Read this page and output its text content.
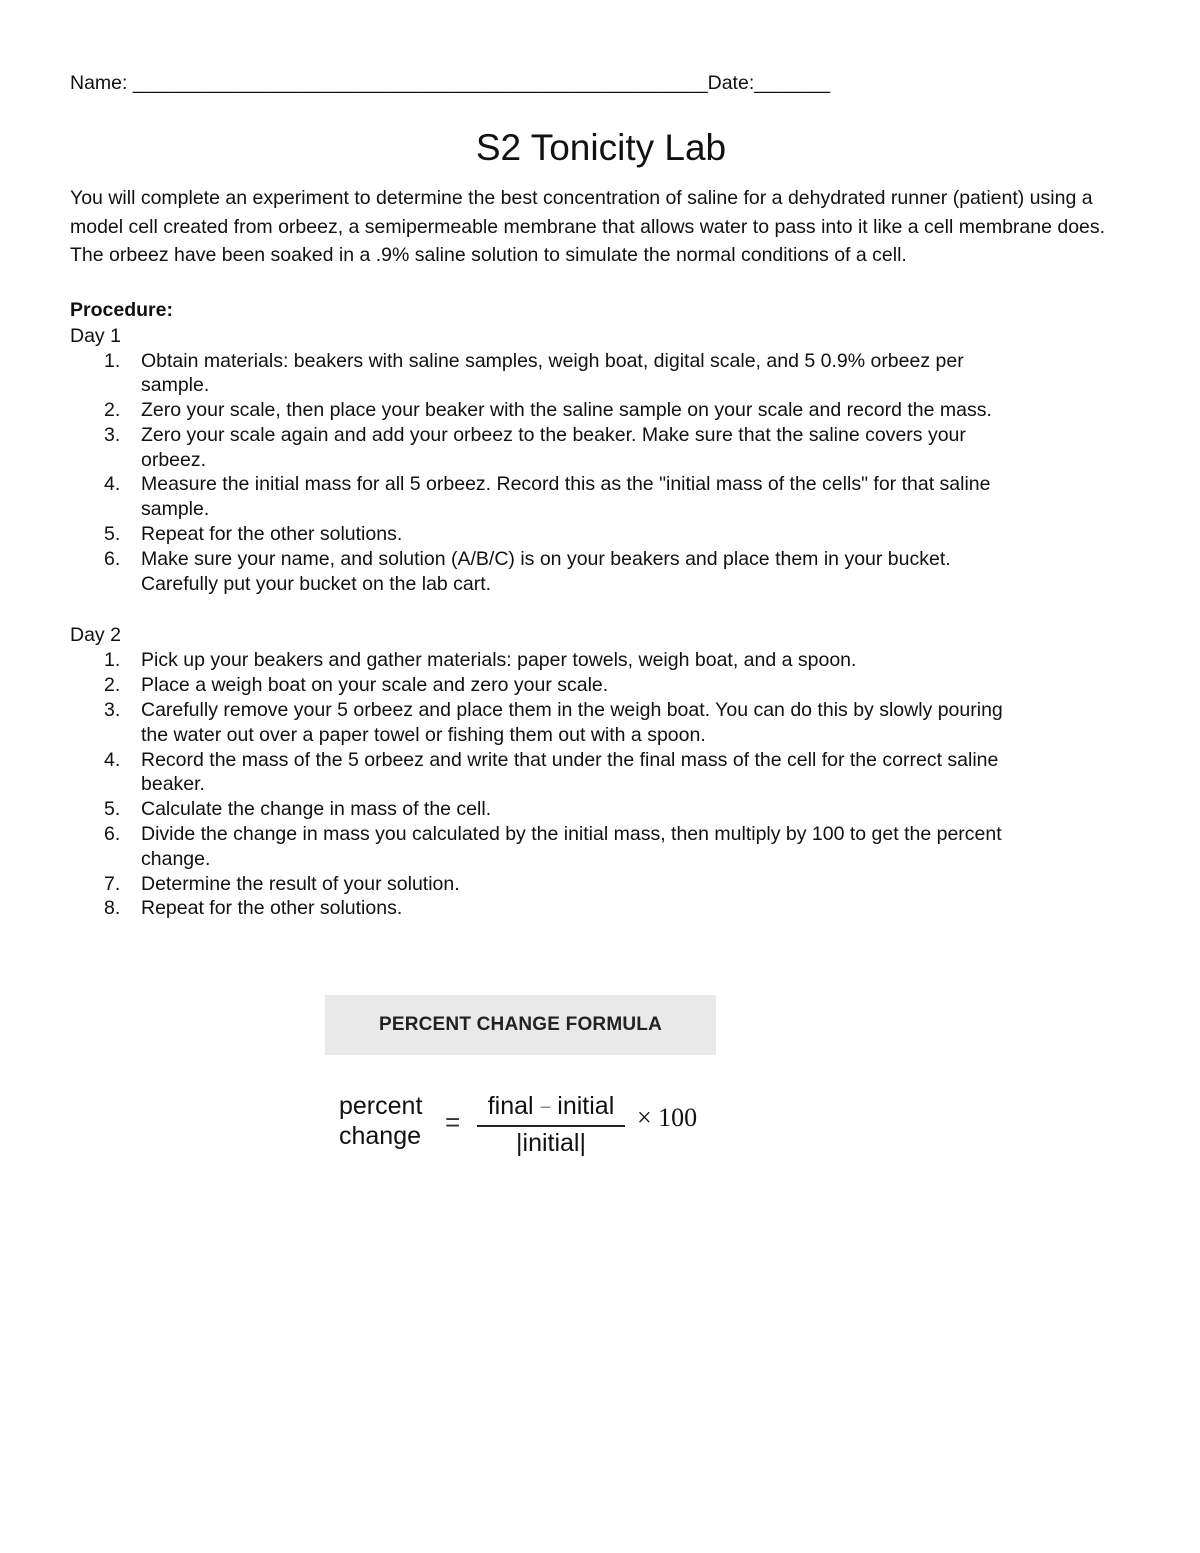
Name: _____________________________________________________Date:_______
S2 Tonicity Lab

You will complete an experiment to determine the best concentration of saline for a dehydrated runner (patient) using a model cell created from orbeez, a semipermeable membrane that allows water to pass into it like a cell membrane does. The orbeez have been soaked in a .9% saline solution to simulate the normal conditions of a cell.

Procedure:
Day 1
1. Obtain materials: beakers with saline samples, weigh boat, digital scale, and 5 0.9% orbeez per
sample.
2. Zero your scale, then place your beaker with the saline sample on your scale and record the mass.
3. Zero your scale again and add your orbeez to the beaker. Make sure that the saline covers your
orbeez.
4. Measure the initial mass for all 5 orbeez. Record this as the "initial mass of the cells" for that saline
sample.
5. Repeat for the other solutions.
6. Make sure your name, and solution (A/B/C) is on your beakers and place them in your bucket.
Carefully put your bucket on the lab cart.
Day 2
1. Pick up your beakers and gather materials: paper towels, weigh boat, and a spoon.
2. Place a weigh boat on your scale and zero your scale.
3. Carefully remove your 5 orbeez and place them in the weigh boat. You can do this by slowly pouring
the water out over a paper towel or fishing them out with a spoon.
4. Record the mass of the 5 orbeez and write that under the final mass of the cell for the correct saline
beaker.
5. Calculate the change in mass of the cell.
6. Divide the change in mass you calculated by the initial mass, then multiply by 100 to get the percent
change.
7. Determine the result of your solution.
8. Repeat for the other solutions.
PERCENT CHANGE FORMULA
percent
change =
final − initial
|initial|
× 100
